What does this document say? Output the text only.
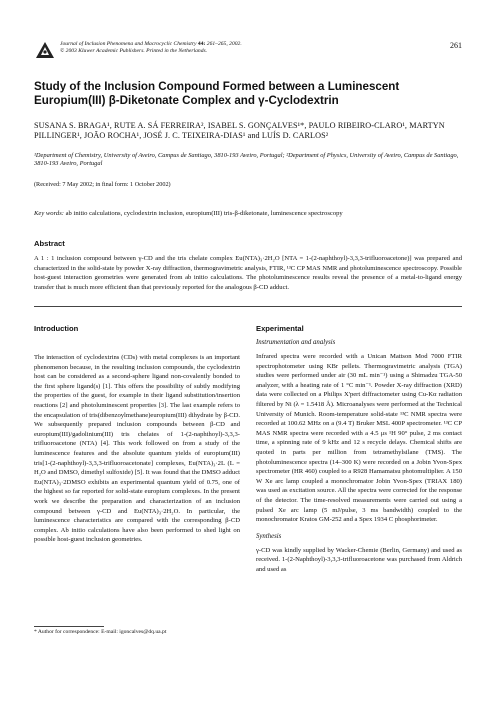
Journal of Inclusion Phenomena and Macrocyclic Chemistry 44: 261–265, 2002.
© 2003 Kluwer Academic Publishers. Printed in the Netherlands.
261
Study of the Inclusion Compound Formed between a Luminescent Europium(III) β-Diketonate Complex and γ-Cyclodextrin
SUSANA S. BRAGA¹, RUTE A. SÁ FERREIRA², ISABEL S. GONÇALVES¹*, PAULO RIBEIRO-CLARO¹, MARTYN PILLINGER¹, JOÃO ROCHA¹, JOSÉ J. C. TEIXEIRA-DIAS¹ and LUÍS D. CARLOS²
¹Department of Chemistry, University of Aveiro, Campus de Santiago, 3810-193 Aveiro, Portugal; ²Department of Physics, University of Aveiro, Campus de Santiago, 3810-193 Aveiro, Portugal
(Received: 7 May 2002; in final form: 1 October 2002)
Key words: ab initio calculations, cyclodextrin inclusion, europium(III) tris-β-diketonate, luminescence spectroscopy
Abstract
A 1 : 1 inclusion compound between γ-CD and the tris chelate complex Eu(NTA)₃·2H₂O [NTA = 1-(2-naphthoyl)-3,3,3-trifluoroacetone)] was prepared and characterized in the solid-state by powder X-ray diffraction, thermogravimetric analysis, FTIR, ¹³C CP MAS NMR and photoluminescence spectroscopy. Possible host-guest interaction geometries were generated from ab initio calculations. The photoluminescence results reveal the presence of a metal-to-ligand energy transfer that is much more efficient than that previously reported for the analogous β-CD adduct.
Introduction

The interaction of cyclodextrins (CDs) with metal complexes is an important phenomenon because, in the resulting inclusion compounds, the cyclodextrin host can be considered as a second-sphere ligand non-covalently bonded to the first sphere ligand(s) [1]. This offers the possibility of subtly modifying the properties of the guest, for example in their ligand substitution/insertion reactions [2] and photoluminescent properties [3]. The last example refers to the encapsulation of tris(dibenzoylmethane)europium(III) dihydrate by β-CD. We subsequently prepared inclusion compounds between β-CD and europium(III)/gadolinium(III) tris chelates of 1-(2-naphthoyl)-3,3,3-trifluoroacetone (NTA) [4]. This work followed on from a study of the luminescence features and the absolute quantum yields of europium(III) tris[1-(2-naphthoyl)-3,3,3-trifluoroacetonate] complexes, Eu(NTA)₃·2L (L = H₂O and DMSO, dimethyl sulfoxide) [5]. It was found that the DMSO adduct Eu(NTA)₃·2DMSO exhibits an experimental quantum yield of 0.75, one of the highest so far reported for solid-state europium complexes. In the present work we describe the preparation and characterization of an inclusion compound between γ-CD and Eu(NTA)₃·2H₂O. In particular, the luminescence characteristics are compared with the corresponding β-CD complex. Ab initio calculations have also been performed to shed light on possible host-guest inclusion geometries.

Experimental
Instrumentation and analysis

Infrared spectra were recorded with a Unican Mattson Mod 7000 FTIR spectrophotometer using KBr pellets. Thermogravimetric analysis (TGA) studies were performed under air (30 mL min⁻¹) using a Shimadzu TGA-50 analyzer, with a heating rate of 1 °C min⁻¹. Powder X-ray diffraction (XRD) data were collected on a Philips X'pert diffractometer using Cu-Kα radiation filtered by Ni (λ = 1.5418 Å). Microanalyses were performed at the Technical University of Munich. Room-temperature solid-state ¹³C NMR spectra were recorded at 100.62 MHz on a (9.4 T) Bruker MSL 400P spectrometer. ¹³C CP MAS NMR spectra were recorded with a 4.5 μs ¹H 90° pulse, 2 ms contact time, a spinning rate of 9 kHz and 12 s recycle delays. Chemical shifts are quoted in parts per million from tetramethylsilane (TMS). The photoluminescence spectra (14–300 K) were recorded on a Jobin Yvon-Spex spectrometer (HR 460) coupled to a R928 Hamamatsu photomultiplier. A 150 W Xe arc lamp coupled a monochromator Jobin Yvon-Spex (TRIAX 180) was used as excitation source. All the spectra were corrected for the response of the detector. The time-resolved measurements were carried out using a pulsed Xe arc lamp (5 mJ/pulse, 3 ms bandwidth) coupled to the monochromator Kratos GM-252 and a Spex 1934 C phosphorimeter.

Synthesis

γ-CD was kindly supplied by Wacker-Chemie (Berlin, Germany) and used as received. 1-(2-Naphthoyl)-3,3,3-trifluoroacetone was purchased from Aldrich and used as

* Author for correspondence: E-mail: igoncalves@dq.ua.pt
